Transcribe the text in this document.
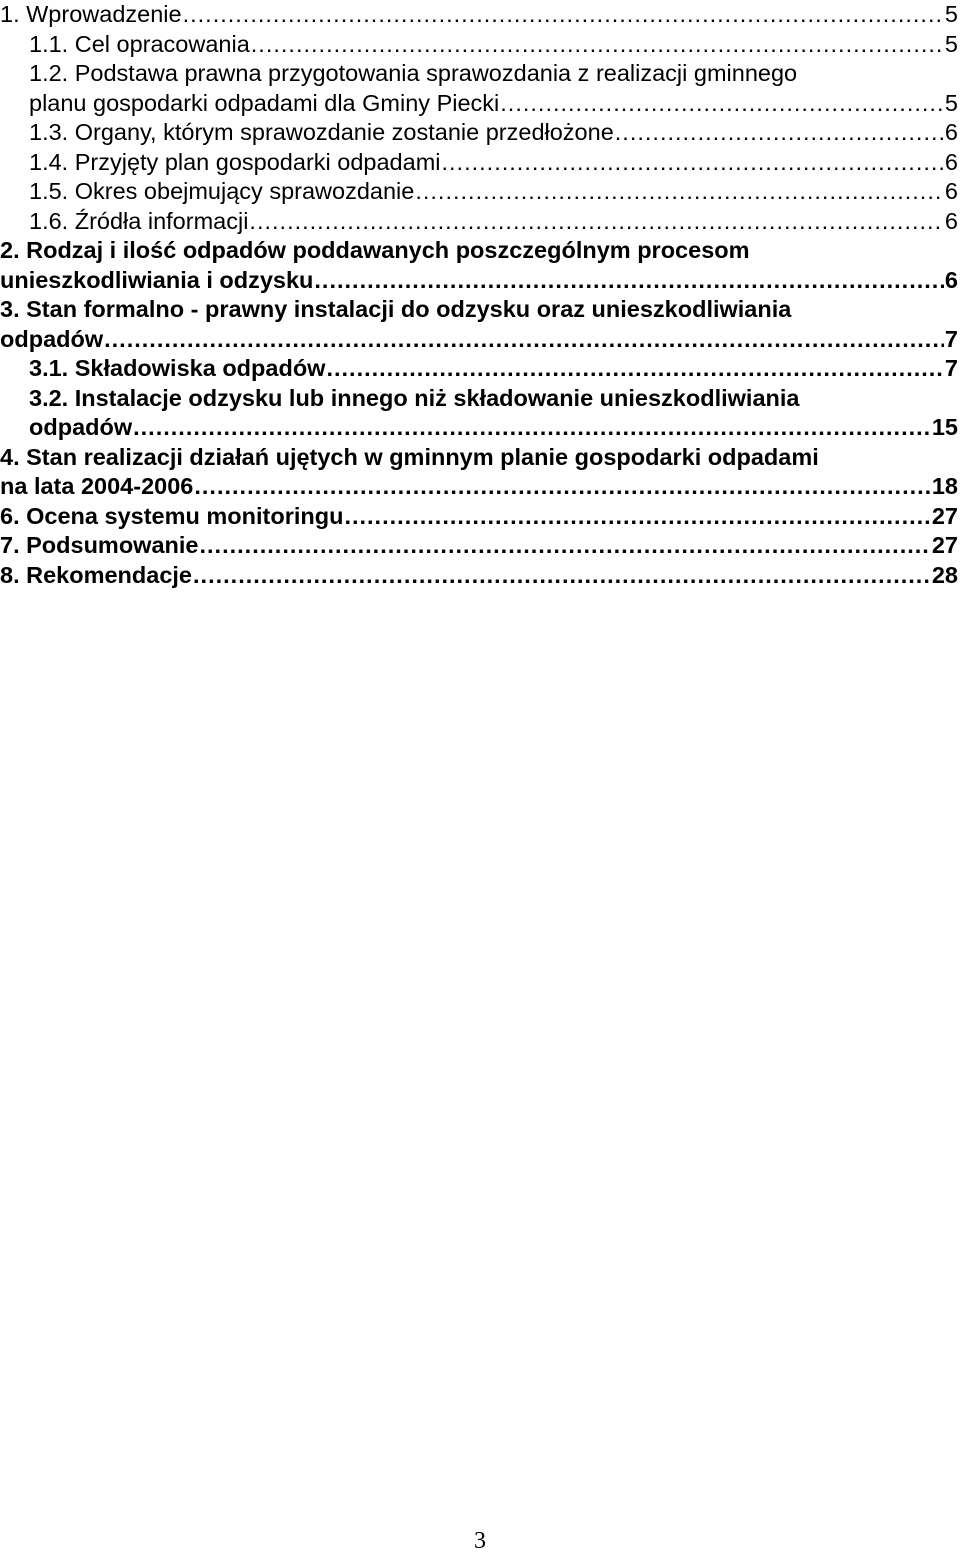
1. Wprowadzenie .....	5
1.1. Cel opracowania .....	5
1.2. Podstawa prawna przygotowania sprawozdania z realizacji gminnego
planu gospodarki odpadami dla Gminy Piecki .....	5
1.3. Organy, którym sprawozdanie zostanie przedłożone .....	6
1.4. Przyjęty plan gospodarki odpadami .....	6
1.5. Okres obejmujący sprawozdanie .....	6
1.6. Źródła informacji .....	6
2. Rodzaj i ilość odpadów poddawanych poszczególnym procesom
unieszkodliwiania i odzysku .....	6
3. Stan formalno - prawny instalacji do odzysku oraz unieszkodliwiania
odpadów .....	7
3.1. Składowiska odpadów .....	7
3.2. Instalacje odzysku lub innego niż składowanie unieszkodliwiania
odpadów .....	15
4. Stan realizacji działań ujętych w gminnym planie gospodarki odpadami
na lata 2004-2006 .....	18
6. Ocena systemu monitoringu .....	27
7. Podsumowanie .....	27
8. Rekomendacje .....	28
3
